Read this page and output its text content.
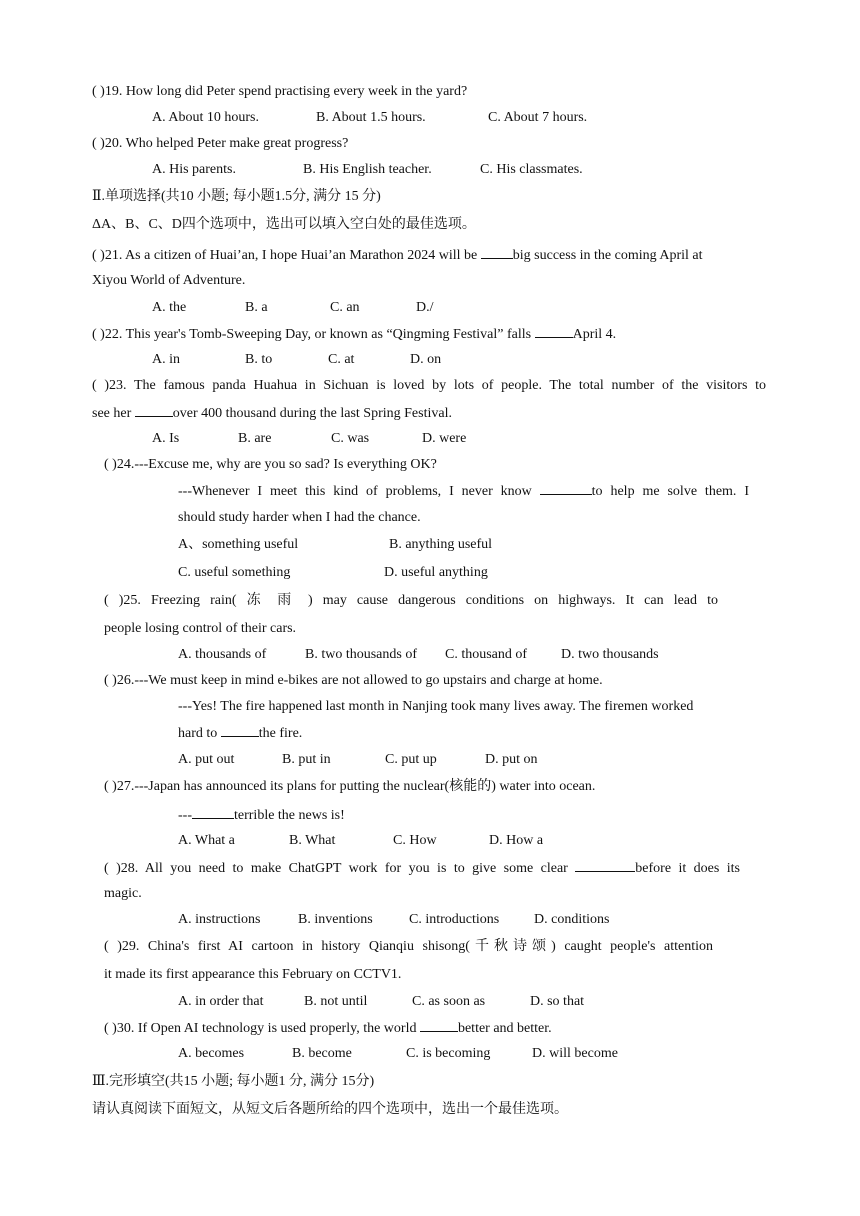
( )19. How long did Peter spend practising every week in the yard?
A. About 10 hours.	B. About 1.5 hours.	C. About 7 hours.
( )20. Who helped Peter make great progress?
A. His parents.	B. His English teacher.	C. His classmates.
Ⅱ.单项选择(共10 小题; 每小题1.5分, 满分 15 分)
ΔA、B、C、D四个选项中，选出可以填入空白处的最佳选项。
( )21. As a citizen of Huai’an, I hope Huai’an Marathon 2024 will be big success in the coming April at
Xiyou World of Adventure.
A. the	B. a	C. an	D./
( )22. This year's Tomb-Sweeping Day, or known as “Qingming Festival” falls	April 4.
A. in	B. to	C. at	D. on
( )23. The famous panda Huahua in Sichuan is loved by lots of people. The total number of the visitors to
see her	over 400 thousand during the last Spring Festival.
A. Is	B. are	C. was	D. were
( )24.---Excuse me, why are you so sad? Is everything OK?
---Whenever I meet this kind of problems, I never know	to help me solve them. I
should study harder when I had the chance.
A、something useful	B. anything useful
C. useful something	D. useful anything
( )25. Freezing rain( 冻 雨 ) may cause dangerous conditions on highways. It can lead to
people losing control of their cars.
A. thousands of	B. two thousands of C. thousand of D. two thousands
( )26.---We must keep in mind e-bikes are not allowed to go upstairs and charge at home.
---Yes! The fire happened last month in Nanjing took many lives away. The firemen worked
hard to	the fire.
A. put out	B. put in	C. put up	D. put on
( )27.---Japan has announced its plans for putting the nuclear(核能的) water into ocean.
---	terrible the news is!
A. What a	B. What	C. How	D. How a
( )28. All you need to make ChatGPT work for you is to give some clear	before it does its
magic.
A. instructions	B. inventions	C. introductions D. conditions
( )29. China's first AI cartoon in history Qianqiu shisong(千秋诗颂) caught people's attention
it made its first appearance this February on CCTV1.
A. in order that	B. not until	C. as soon as	D. so that
( )30. If Open AI technology is used properly, the world	better and better.
A. becomes	B. become	C. is becoming	D. will become
Ⅲ.完形填空(共15 小题; 每小题1 分, 满分 15分)
请认真阅读下面短文，从短文后各题所给的四个选项中，选出一个最佳选项。
